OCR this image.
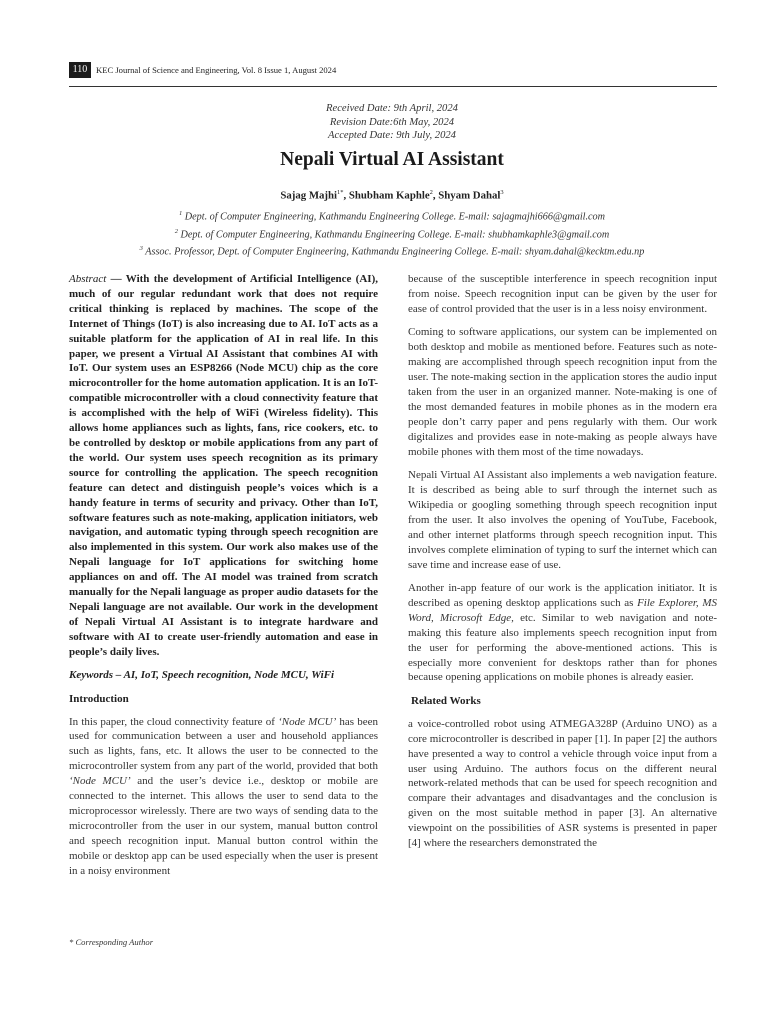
110	KEC Journal of Science and Engineering, Vol. 8 Issue 1, August 2024
Received Date: 9th April, 2024
Revision Date:6th May, 2024
Accepted Date: 9th July, 2024
Nepali Virtual AI Assistant
Sajag Majhi$^{1*}$, Shubham Kaphle$^2$, Shyam Dahal$^3$
$^1$ Dept. of Computer Engineering, Kathmandu Engineering College. E-mail: sajagmajhi666@gmail.com
$^2$ Dept. of Computer Engineering, Kathmandu Engineering College. E-mail: shubhamkaphle3@gmail.com
$^3$ Assoc. Professor, Dept. of Computer Engineering, Kathmandu Engineering College. E-mail: shyam.dahal@kecktm.edu.np

Abstract — With the development of Artificial Intelligence (AI), much of our regular redundant work that does not require critical thinking is replaced by machines. The scope of the Internet of Things (IoT) is also increasing due to AI. IoT acts as a suitable platform for the application of AI in real life. In this paper, we present a Virtual AI Assistant that combines AI with IoT. Our system uses an ESP8266 (Node MCU) chip as the core microcontroller for the home automation application. It is an IoT-compatible microcontroller with a cloud connectivity feature that is accomplished with the help of WiFi (Wireless fidelity). This allows home appliances such as lights, fans, rice cookers, etc. to be controlled by desktop or mobile applications from any part of the world. Our system uses speech recognition as its primary source for controlling the application. The speech recognition feature can detect and distinguish people’s voices which is a handy feature in terms of security and privacy. Other than IoT, software features such as note-making, application initiators, web navigation, and automatic typing through speech recognition are also implemented in this system. Our work also makes use of the Nepali language for IoT applications for switching home appliances on and off. The AI model was trained from scratch manually for the Nepali language as proper audio datasets for the Nepali language are not available. Our work in the development of Nepali Virtual AI Assistant is to integrate hardware and software with AI to create user-friendly automation and ease in people’s daily lives.

Keywords – AI, IoT, Speech recognition, Node MCU, WiFi

Introduction

In this paper, the cloud connectivity feature of ‘Node MCU’ has been used for communication between a user and household appliances such as lights, fans, etc. It allows the user to be connected to the microcontroller system from any part of the world, provided that both ‘Node MCU’ and the user’s device i.e., desktop or mobile are connected to the internet. This allows the user to send data to the microprocessor wirelessly. There are two ways of sending data to the microcontroller from the user in our system, manual button control and speech recognition input. Manual button control within the mobile or desktop app can be used especially when the user is present in a noisy environment

* Corresponding Author

because of the susceptible interference in speech recognition input from noise. Speech recognition input can be given by the user for ease of control provided that the user is in a less noisy environment.

Coming to software applications, our system can be implemented on both desktop and mobile as mentioned before. Features such as note-making are accomplished through speech recognition input from the user. The note-making section in the application stores the audio input taken from the user in an organized manner. Note-making is one of the most demanded features in mobile phones as in the modern era people don’t carry paper and pens regularly with them. Our work digitalizes and provides ease in note-making as people always have mobile phones with them most of the time nowadays.

Nepali Virtual AI Assistant also implements a web navigation feature. It is described as being able to surf through the internet such as Wikipedia or googling something through speech recognition input from the user. It also involves the opening of YouTube, Facebook, and other internet platforms through speech recognition input. This involves complete elimination of typing to surf the internet which can save time and increase ease of use.

Another in-app feature of our work is the application initiator. It is described as opening desktop applications such as File Explorer, MS Word, Microsoft Edge, etc. Similar to web navigation and note-making this feature also implements speech recognition input from the user for performing the above-mentioned actions. This is especially more convenient for desktops rather than for phones because opening applications on mobile phones is already easier.

Related Works

a voice-controlled robot using ATMEGA328P (Arduino UNO) as a core microcontroller is described in paper [1]. In paper [2] the authors have presented a way to control a vehicle through voice input from a user using Arduino. The authors focus on the different neural network-related methods that can be used for speech recognition and compare their advantages and disadvantages and the conclusion is given on the most suitable method in paper [3]. An alternative viewpoint on the possibilities of ASR systems is presented in paper [4] where the researchers demonstrated the
